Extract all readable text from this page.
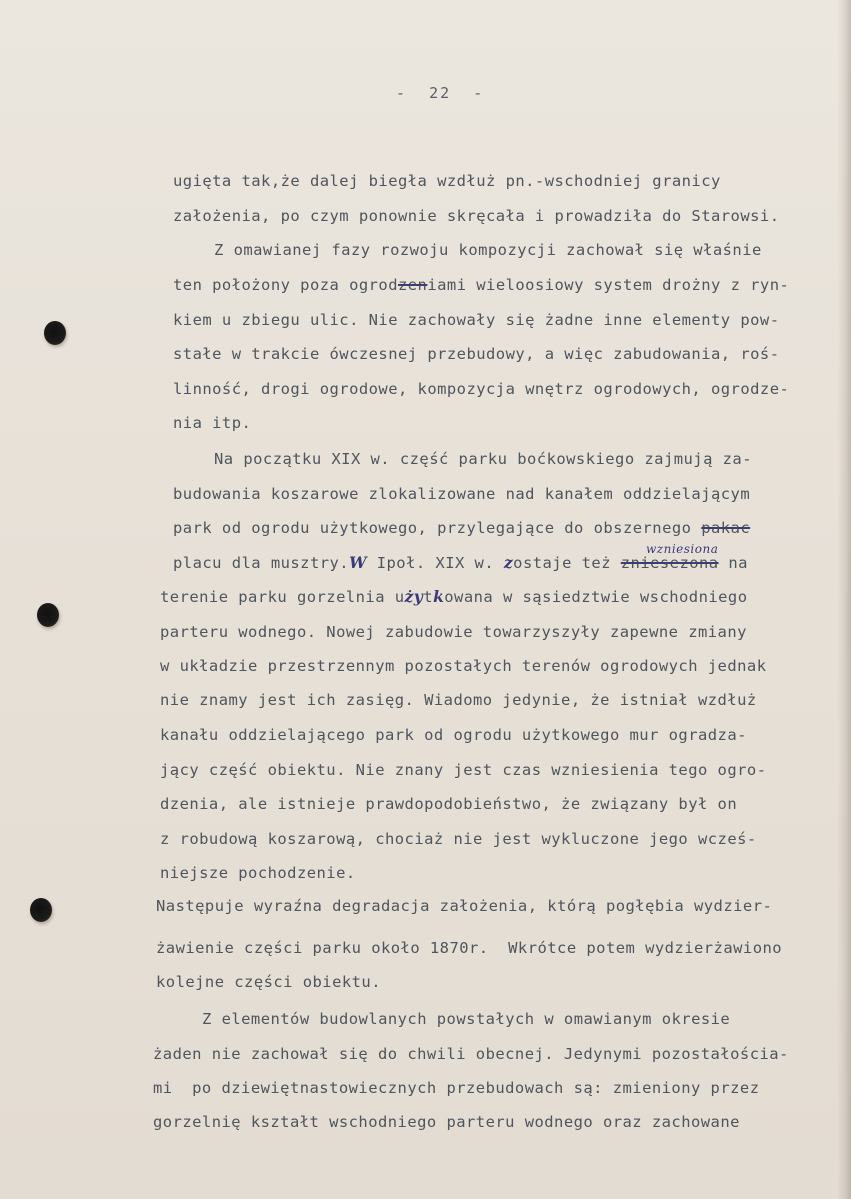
-  22  -
ugięta tak,że dalej biegła wzdłuż pn.-wschodniej granicy
założenia, po czym ponownie skręcała i prowadziła do Starowsi.
Z omawianej fazy rozwoju kompozycji zachował się właśnie
ten położony poza ogrodzeniami wieloosiowy system drożny z ryn-
kiem u zbiegu ulic. Nie zachowały się żadne inne elementy pow-
stałe w trakcie ówczesnej przebudowy, a więc zabudowania, roś-
linność, drogi ogrodowe, kompozycja wnętrz ogrodowych, ogrodze-
nia itp.
Na początku XIX w. część parku boćkowskiego zajmują za-
budowania koszarowe zlokalizowane nad kanałem oddzielającym
park od ogrodu użytkowego, przylegające do obszernego pakac
wzniesiona
placu dla musztry.W Ipoł. XIX w. zostaje też zniesezona na
terenie parku gorzelnia użytkowana w sąsiedztwie wschodniego
parteru wodnego. Nowej zabudowie towarzyszyły zapewne zmiany
w układzie przestrzennym pozostałych terenów ogrodowych jednak
nie znamy jest ich zasięg. Wiadomo jedynie, że istniał wzdłuż
kanału oddzielającego park od ogrodu użytkowego mur ogradza-
jący część obiektu. Nie znany jest czas wzniesienia tego ogro-
dzenia, ale istnieje prawdopodobieństwo, że związany był on
z robudową koszarową, chociaż nie jest wykluczone jego wcześ-
niejsze pochodzenie.
Następuje wyraźna degradacja założenia, którą pogłębia wydzier-
żawienie części parku około 1870r.  Wkrótce potem wydzierżawiono
kolejne części obiektu.
Z elementów budowlanych powstałych w omawianym okresie
żaden nie zachował się do chwili obecnej. Jedynymi pozostałościa-
mi  po dziewiętnastowiecznych przebudowach są: zmieniony przez
gorzelnię kształt wschodniego parteru wodnego oraz zachowane
